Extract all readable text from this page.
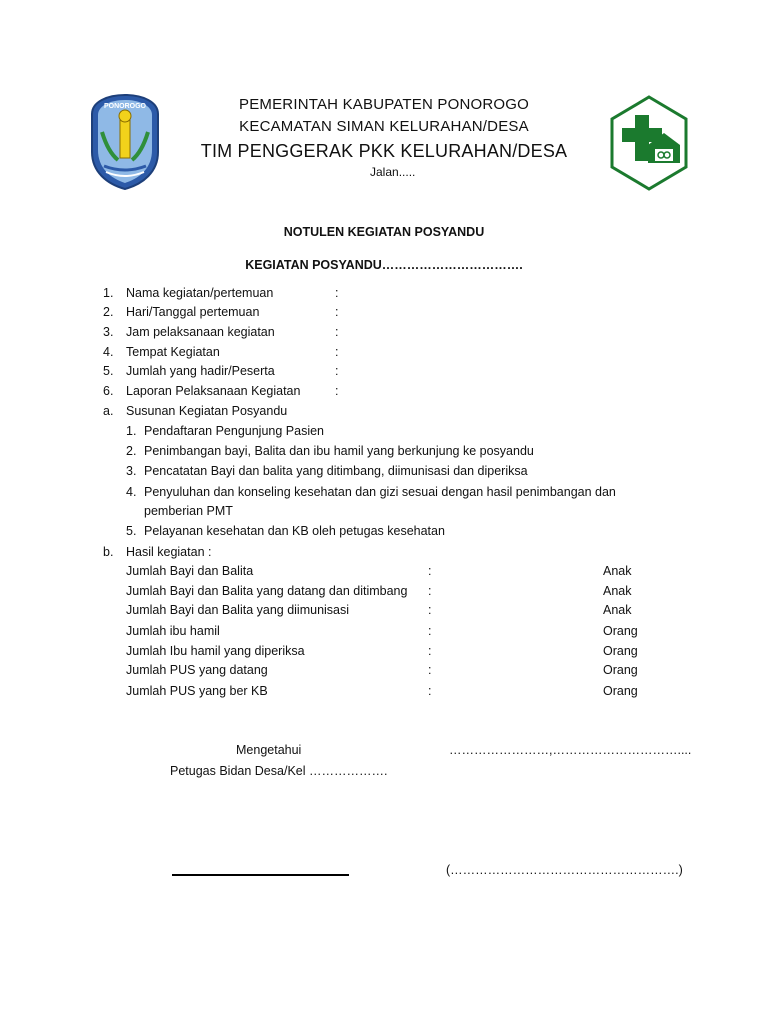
PONOROGO	PEMERINTAH KABUPATEN PONOROGO
KECAMATAN SIMAN KELURAHAN/DESA
TIM PENGGERAK PKK KELURAHAN/DESA
Jalan.....
NOTULEN KEGIATAN POSYANDU
KEGIATAN POSYANDU…………………………….
1. Nama kegiatan/pertemuan	:
2. Hari/Tanggal pertemuan	:
3. Jam pelaksanaan kegiatan	:
4. Tempat Kegiatan	:
5. Jumlah yang hadir/Peserta	:
6. Laporan Pelaksanaan Kegiatan	:
a. Susunan Kegiatan Posyandu
1. Pendaftaran Pengunjung Pasien
2. Penimbangan bayi, Balita dan ibu hamil yang berkunjung ke posyandu
3. Pencatatan Bayi dan balita yang ditimbang, diimunisasi dan diperiksa
4. Penyuluhan dan konseling kesehatan dan gizi sesuai dengan hasil penimbangan dan
pemberian PMT
5. Pelayanan kesehatan dan KB oleh petugas kesehatan
b. Hasil kegiatan :
Jumlah Bayi dan Balita	:	Anak
Jumlah Bayi dan Balita yang datang dan ditimbang :	Anak
Jumlah Bayi dan Balita yang diimunisasi	:	Anak
Jumlah ibu hamil	:	Orang
Jumlah Ibu hamil yang diperiksa	:	Orang
Jumlah PUS yang datang	:	Orang
Jumlah PUS yang ber KB	:	Orang
Mengetahui	……………………,…………………………....
Petugas Bidan Desa/Kel ……………….
(……………………………………………….)
